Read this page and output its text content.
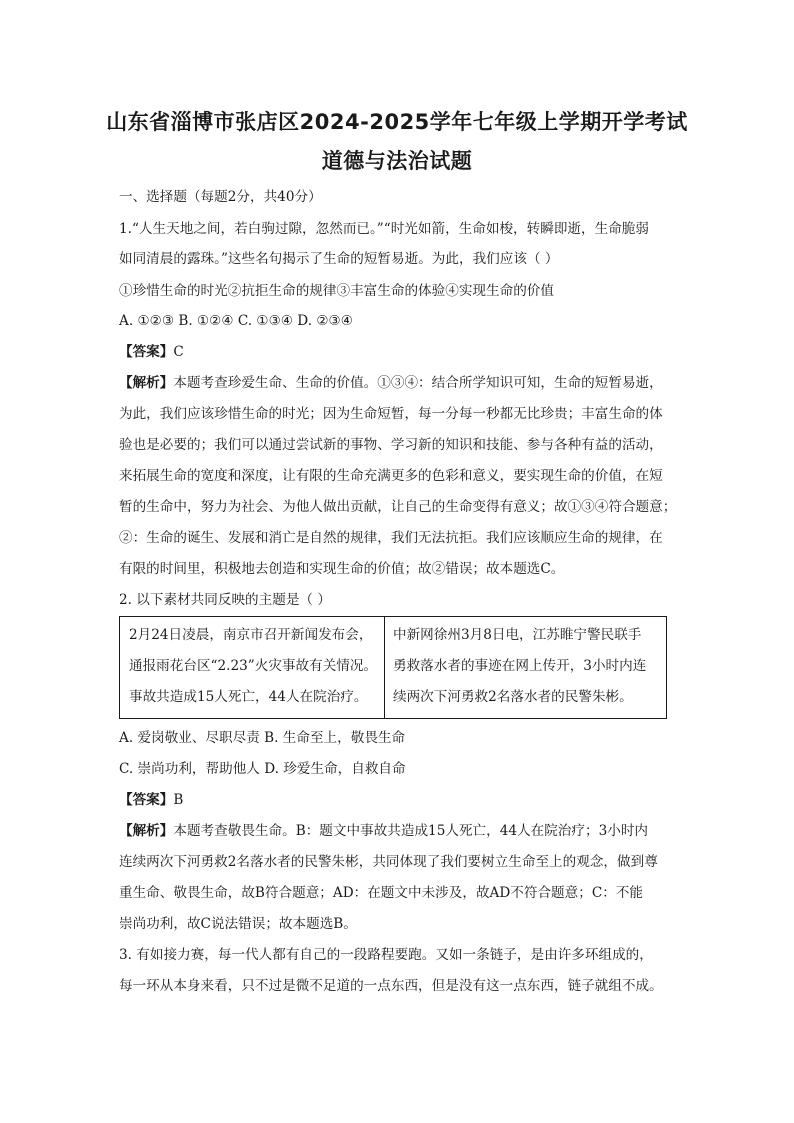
山东省淄博市张店区2024-2025学年七年级上学期开学考试
道德与法治试题
一、选择题（每题2分，共40分）
1.“人生天地之间，若白驹过隙，忽然而已。”“时光如箭，生命如梭，转瞬即逝，生命脆弱
如同清晨的露珠。”这些名句揭示了生命的短暂易逝。为此，我们应该（ ）
①珍惜生命的时光②抗拒生命的规律③丰富生命的体验④实现生命的价值
A. ①②③ B. ①②④ C. ①③④ D. ②③④
【答案】C
【解析】本题考查珍爱生命、生命的价值。①③④：结合所学知识可知，生命的短暂易逝，
为此，我们应该珍惜生命的时光；因为生命短暂，每一分每一秒都无比珍贵；丰富生命的体
验也是必要的；我们可以通过尝试新的事物、学习新的知识和技能、参与各种有益的活动，
来拓展生命的宽度和深度，让有限的生命充满更多的色彩和意义，要实现生命的价值，在短
暂的生命中，努力为社会、为他人做出贡献，让自己的生命变得有意义；故①③④符合题意；
②：生命的诞生、发展和消亡是自然的规律，我们无法抗拒。我们应该顺应生命的规律，在
有限的时间里，积极地去创造和实现生命的价值；故②错误；故本题选C。
2. 以下素材共同反映的主题是（ ）
2月24日凌晨，南京市召开新闻发布会，
通报雨花台区“2.23”火灾事故有关情况。
事故共造成15人死亡，44人在院治疗。
中新网徐州3月8日电，江苏睢宁警民联手
勇救落水者的事迹在网上传开，3小时内连
续两次下河勇救2名落水者的民警朱彬。
A. 爱岗敬业、尽职尽责 B. 生命至上，敬畏生命
C. 崇尚功利，帮助他人 D. 珍爱生命，自救自命
【答案】B
【解析】本题考查敬畏生命。B：题文中事故共造成15人死亡，44人在院治疗；3小时内
连续两次下河勇救2名落水者的民警朱彬，共同体现了我们要树立生命至上的观念，做到尊
重生命、敬畏生命，故B符合题意；AD：在题文中未涉及，故AD不符合题意；C：不能
崇尚功利，故C说法错误；故本题选B。
3. 有如接力赛，每一代人都有自己的一段路程要跑。又如一条链子，是由许多环组成的，
每一环从本身来看，只不过是微不足道的一点东西，但是没有这一点东西，链子就组不成。
